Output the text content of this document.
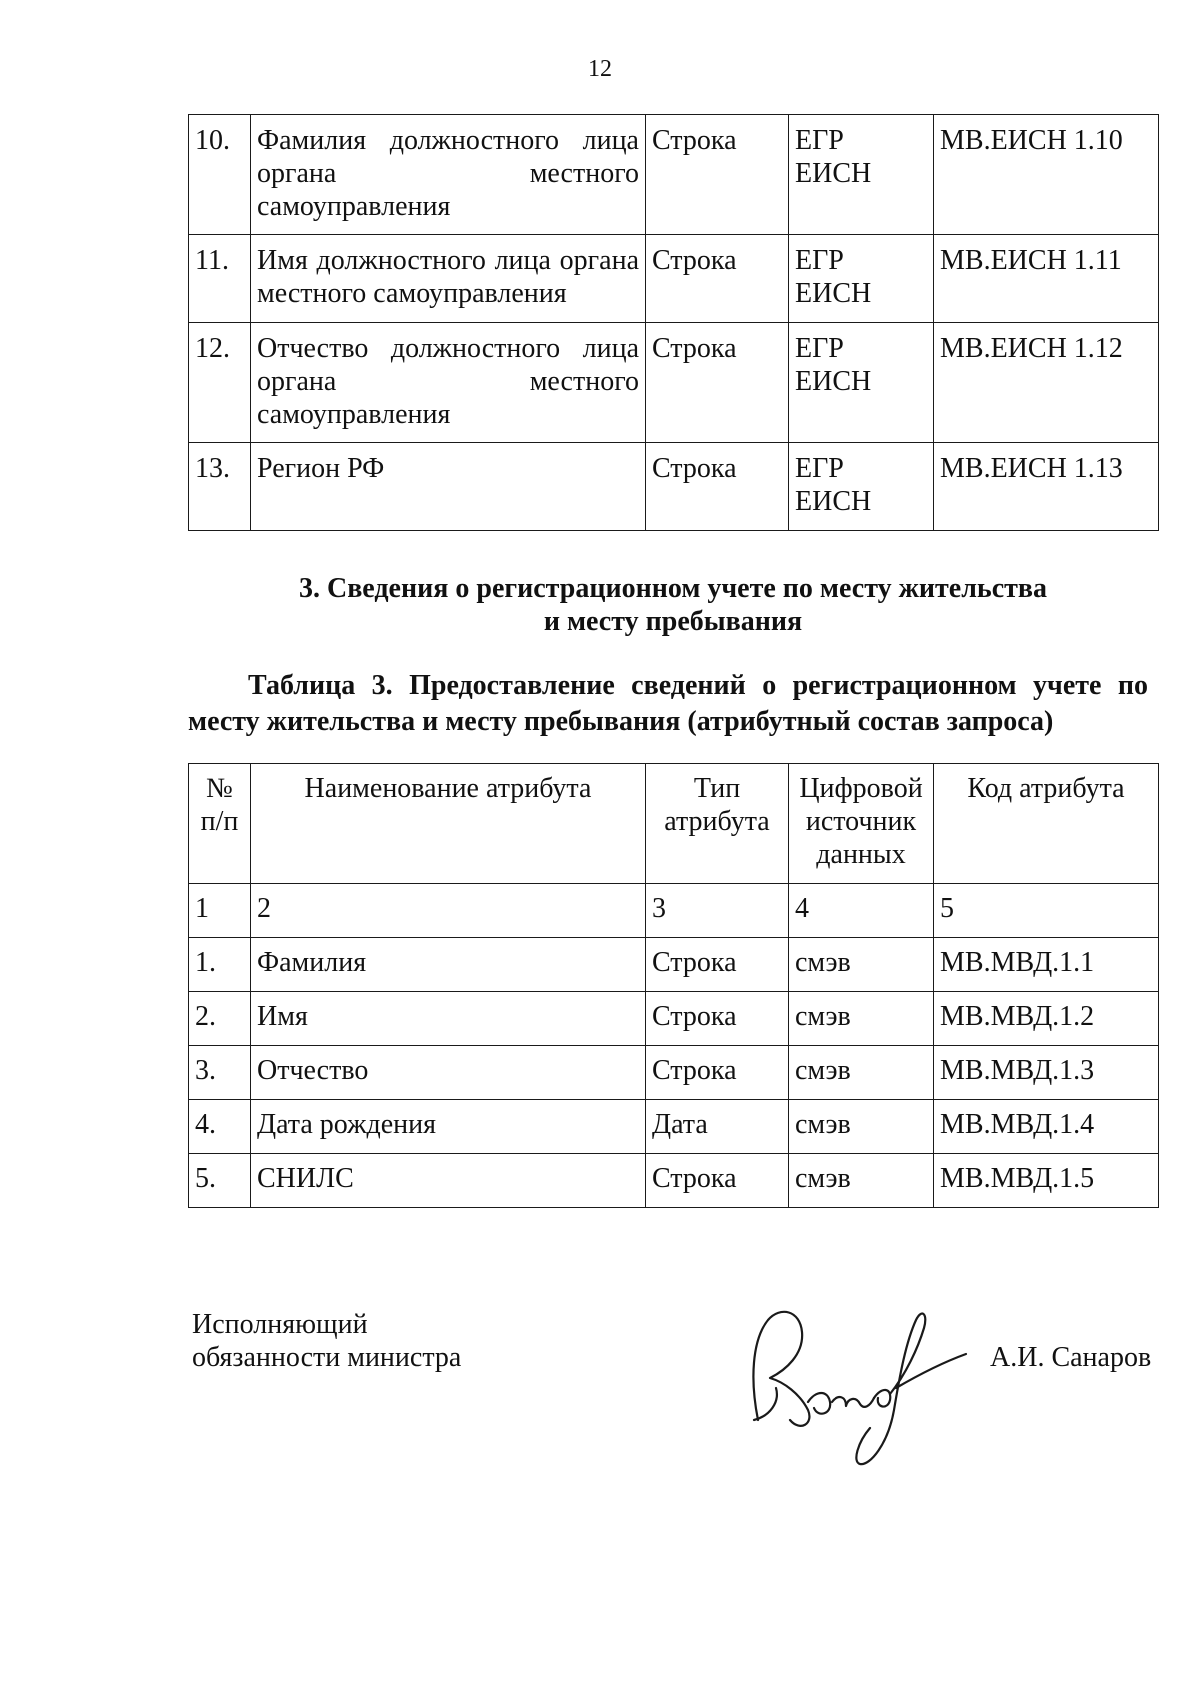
12
10.	Фамилия должностного лица органа местного самоуправления	Строка	ЕГР ЕИСН	МВ.ЕИСН 1.10
11.	Имя должностного лица органа местного самоуправления	Строка	ЕГР ЕИСН	МВ.ЕИСН 1.11
12.	Отчество должностного лица органа местного самоуправления	Строка	ЕГР ЕИСН	МВ.ЕИСН 1.12
13.	Регион РФ	Строка	ЕГР ЕИСН	МВ.ЕИСН 1.13
3. Сведения о регистрационном учете по месту жительства
и месту пребывания
Таблица 3. Предоставление сведений о регистрационном учете по месту жительства и месту пребывания (атрибутный состав запроса)
№ п/п	Наименование атрибута	Тип атрибута	Цифровой источник данных	Код атрибута
1	2	3	4	5
1.	Фамилия	Строка	смэв	МВ.МВД.1.1
2.	Имя	Строка	смэв	МВ.МВД.1.2
3.	Отчество	Строка	смэв	МВ.МВД.1.3
4.	Дата рождения	Дата	смэв	МВ.МВД.1.4
5.	СНИЛС	Строка	смэв	МВ.МВД.1.5
Исполняющий
обязанности министра	А.И. Санаров
